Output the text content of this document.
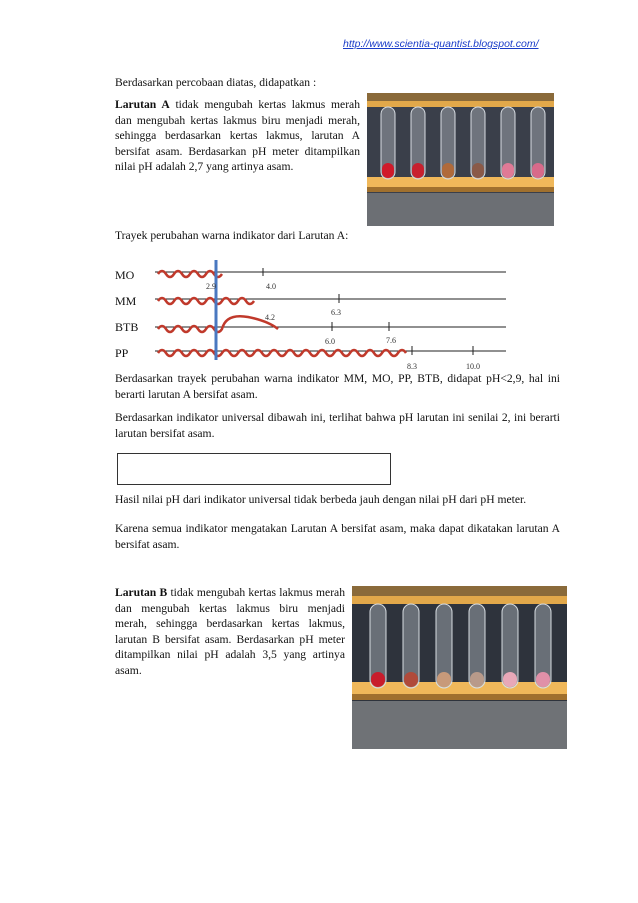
http://www.scientia-quantist.blogspot.com/
Berdasarkan percobaan diatas, didapatkan :
Larutan A tidak mengubah kertas lakmus merah dan mengubah kertas lakmus biru menjadi merah, sehingga berdasarkan kertas lakmus, larutan A bersifat asam. Berdasarkan pH meter ditampilkan nilai pH adalah 2,7 yang artinya asam.
Trayek perubahan warna indikator dari Larutan A:
MO
MM
BTB
PP
2.9	4.0
4.2
6.3
6.0	7.6
8.3	10.0
Berdasarkan trayek perubahan warna indikator MM, MO, PP, BTB, didapat pH<2,9, hal ini berarti larutan A bersifat asam.
Berdasarkan indikator universal dibawah ini, terlihat bahwa pH larutan ini senilai 2, ini berarti larutan bersifat asam.
Hasil nilai pH dari indikator universal tidak berbeda jauh dengan nilai pH dari pH meter.
Karena semua indikator mengatakan Larutan A bersifat asam, maka dapat dikatakan larutan A bersifat asam.
Larutan B tidak mengubah kertas lakmus merah dan mengubah kertas lakmus biru menjadi merah, sehingga berdasarkan kertas lakmus, larutan B bersifat asam. Berdasarkan pH meter ditampilkan nilai pH adalah 3,5 yang artinya asam.
